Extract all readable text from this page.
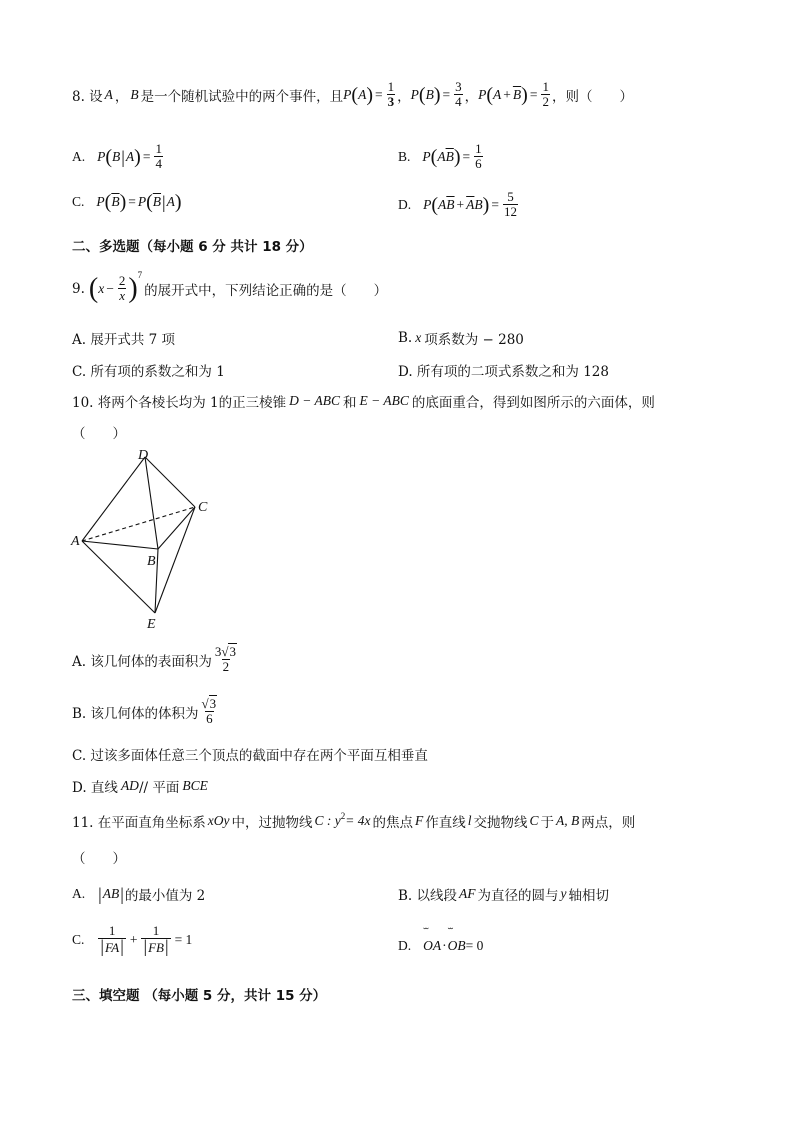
8. 设 A ， B 是一个随机试验中的两个事件，且 P ( A ) = $\frac{1}{3}$ ， P ( B ) = $\frac{3}{4}$ ， P ( $A + \overline{B}$ ) = $\frac{1}{2}$ ，则（　　）
A. P ( B | A ) = $\frac{1}{4}$	B. P ( A $\overline{B}$ ) = $\frac{1}{6}$
C. P ( $\overline{B}$ ) = P ( $\overline{B}$ | A )	D. P ( A $\overline{B} + \overline{A}$ B ) = $\frac{5}{12}$
二、多选题（每小题 6 分 共计 18 分）
9. ( $x - \frac{2}{x}$ ) 7
的展开式中，下列结论正确的是（　　）
A. 展开式共 7 项	B. x 项系数为 − 280
C. 所有项的系数之和为 1	D. 所有项的二项式系数之和为 128
10. 将两个各棱长均为 1的正三棱锥 D − ABC 和 E − ABC 的底面重合，得到如图所示的六面体，则
（　　）
D
A
B
C
E
A. 该几何体的表面积为 $\frac{3√3}{2}$
B. 该几何体的体积为 $\frac{√3}{6}$
C. 过该多面体任意三个顶点的截面中存在两个平面互相垂直
D. 直线 AD // 平面 BCE
11. 在平面直角坐标系 xOy 中，过抛物线 C : $y^2 = 4x$ 的焦点 F 作直线 l 交抛物线 C 于 A, B 两点，则
（　　）
A. | AB | 的最小值为 2	B. 以线段 AF 为直径的圆与 y 轴相切
C. $\frac{1}{|FA|} + \frac{1}{|FB|} = 1$	D. ˘˘ OA · ˘˘ OB = 0
三、填空题 （每小题 5 分，共计 15 分）
